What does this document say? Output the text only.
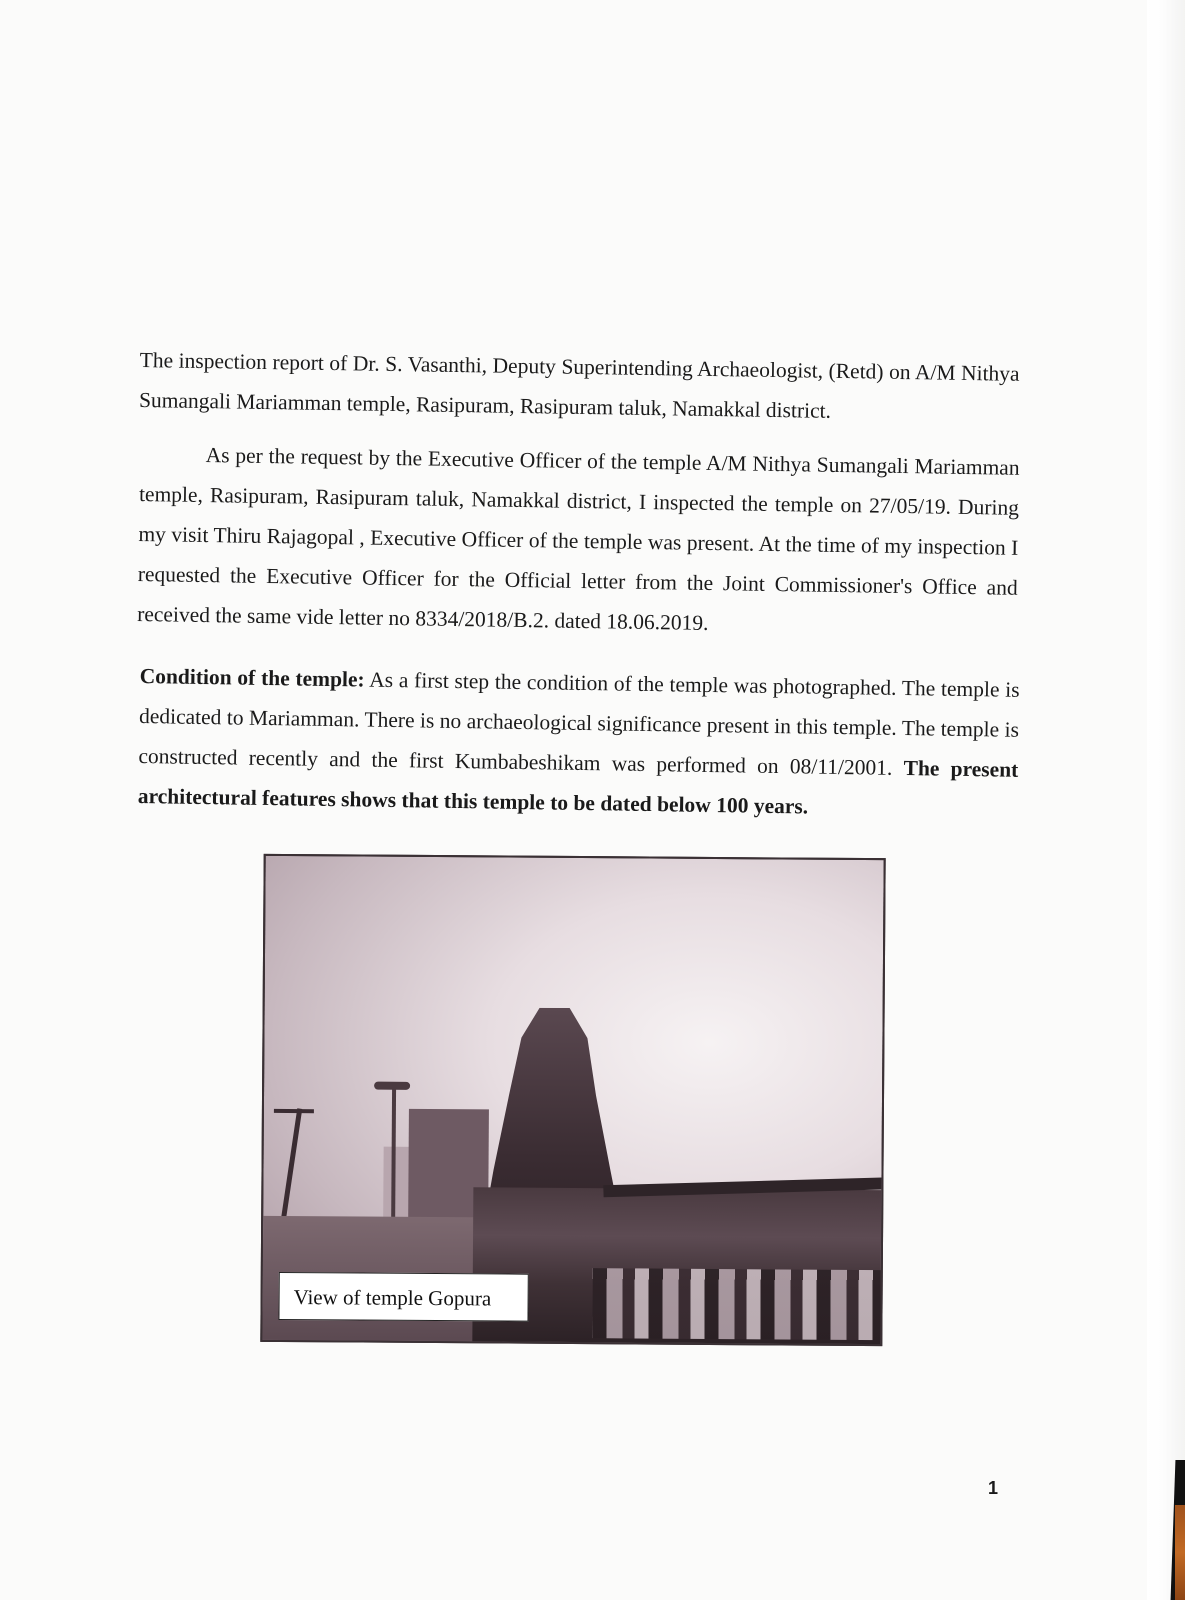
The inspection report of Dr. S. Vasanthi, Deputy Superintending Archaeologist, (Retd) on A/M Nithya Sumangali Mariamman temple, Rasipuram, Rasipuram taluk, Namakkal district.

As per the request by the Executive Officer of the temple A/M Nithya Sumangali Mariamman temple, Rasipuram, Rasipuram taluk, Namakkal district, I inspected the temple on 27/05/19. During my visit Thiru Rajagopal , Executive Officer of the temple was present. At the time of my inspection I requested the Executive Officer for the Official letter from the Joint Commissioner's Office and received the same vide letter no 8334/2018/B.2. dated 18.06.2019.

Condition of the temple: As a first step the condition of the temple was photographed. The temple is dedicated to Mariamman. There is no archaeological significance present in this temple. The temple is constructed recently and the first Kumbabeshikam was performed on 08/11/2001. The present architectural features shows that this temple to be dated below 100 years.

View of temple Gopura
1
